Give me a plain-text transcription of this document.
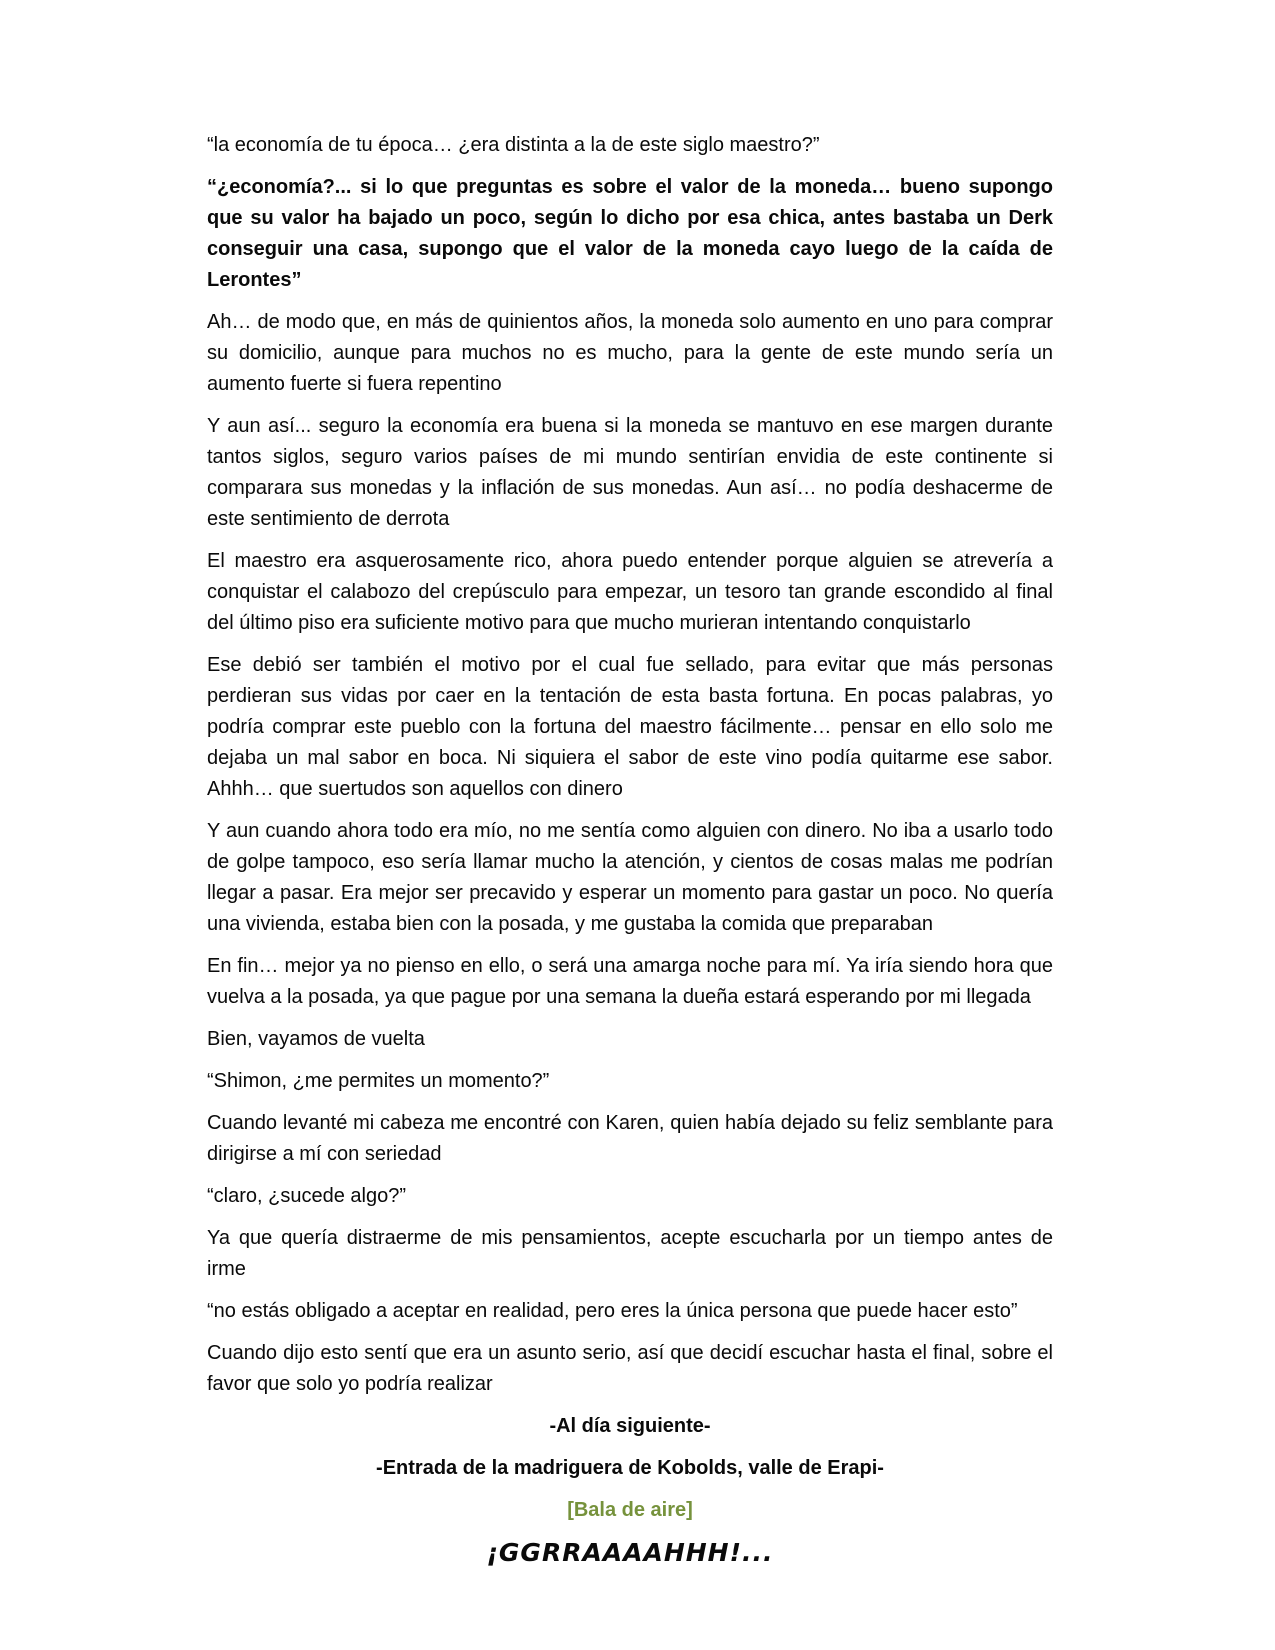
“la economía de tu época… ¿era distinta a la de este siglo maestro?”

“¿economía?... si lo que preguntas es sobre el valor de la moneda… bueno supongo que su valor ha bajado un poco, según lo dicho por esa chica, antes bastaba un Derk conseguir una casa, supongo que el valor de la moneda cayo luego de la caída de Lerontes”

Ah… de modo que, en más de quinientos años, la moneda solo aumento en uno para comprar su domicilio, aunque para muchos no es mucho, para la gente de este mundo sería un aumento fuerte si fuera repentino

Y aun así... seguro la economía era buena si la moneda se mantuvo en ese margen durante tantos siglos, seguro varios países de mi mundo sentirían envidia de este continente si comparara sus monedas y la inflación de sus monedas. Aun así… no podía deshacerme de este sentimiento de derrota

El maestro era asquerosamente rico, ahora puedo entender porque alguien se atrevería a conquistar el calabozo del crepúsculo para empezar, un tesoro tan grande escondido al final del último piso era suficiente motivo para que mucho murieran intentando conquistarlo

Ese debió ser también el motivo por el cual fue sellado, para evitar que más personas perdieran sus vidas por caer en la tentación de esta basta fortuna. En pocas palabras, yo podría comprar este pueblo con la fortuna del maestro fácilmente… pensar en ello solo me dejaba un mal sabor en boca. Ni siquiera el sabor de este vino podía quitarme ese sabor. Ahhh… que suertudos son aquellos con dinero

Y aun cuando ahora todo era mío, no me sentía como alguien con dinero. No iba a usarlo todo de golpe tampoco, eso sería llamar mucho la atención, y cientos de cosas malas me podrían llegar a pasar. Era mejor ser precavido y esperar un momento para gastar un poco. No quería una vivienda, estaba bien con la posada, y me gustaba la comida que preparaban

En fin… mejor ya no pienso en ello, o será una amarga noche para mí. Ya iría siendo hora que vuelva a la posada, ya que pague por una semana la dueña estará esperando por mi llegada

Bien, vayamos de vuelta

“Shimon, ¿me permites un momento?”

Cuando levanté mi cabeza me encontré con Karen, quien había dejado su feliz semblante para dirigirse a mí con seriedad

“claro, ¿sucede algo?”

Ya que quería distraerme de mis pensamientos, acepte escucharla por un tiempo antes de irme

“no estás obligado a aceptar en realidad, pero eres la única persona que puede hacer esto”

Cuando dijo esto sentí que era un asunto serio, así que decidí escuchar hasta el final, sobre el favor que solo yo podría realizar

-Al día siguiente-

-Entrada de la madriguera de Kobolds, valle de Erapi-

[Bala de aire]

¡GGRRAAAAHHH!...
